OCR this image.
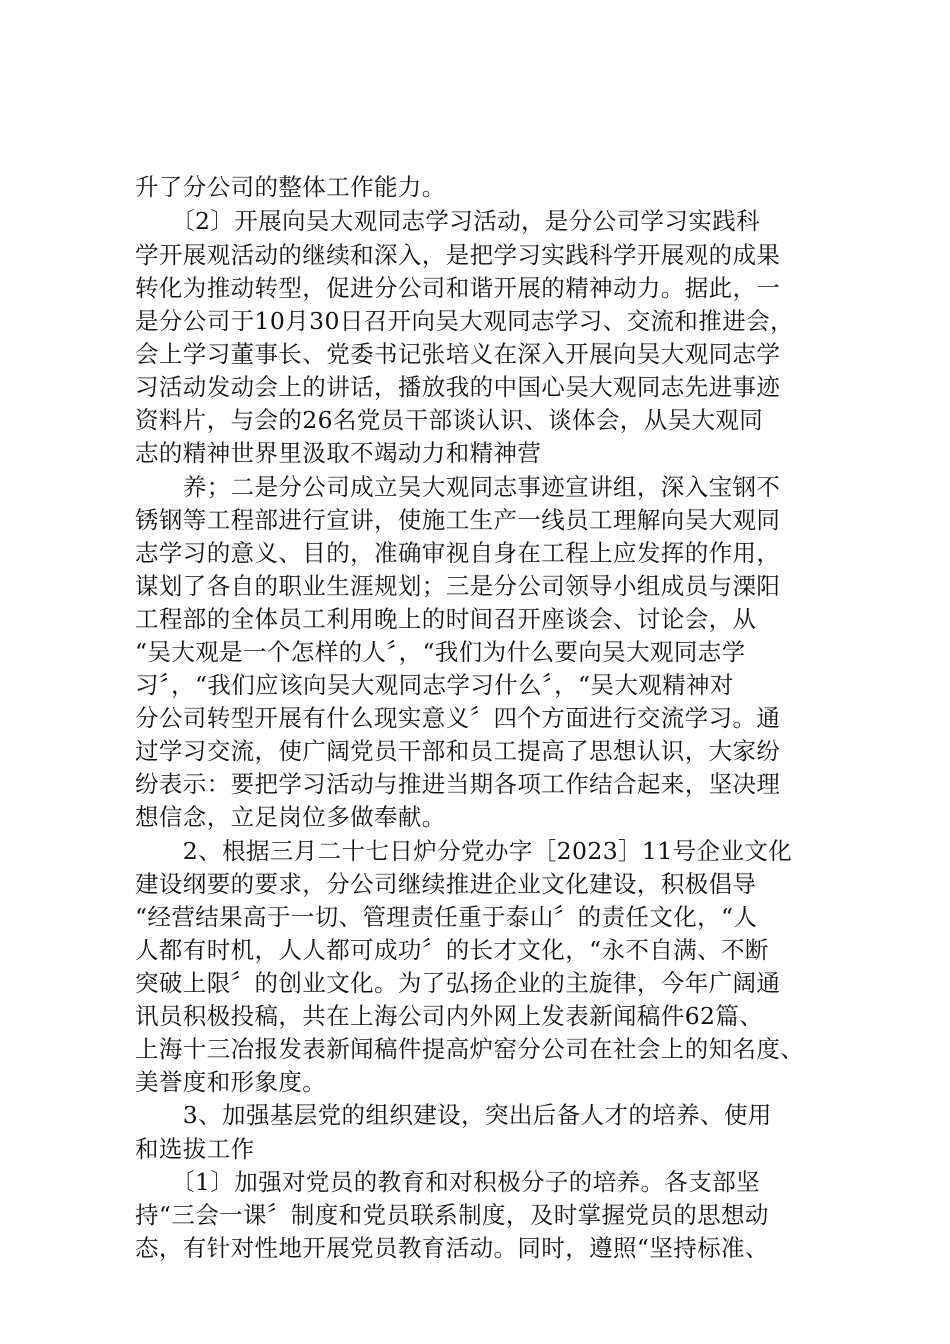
升了分公司的整体工作能力。
　　〔2〕开展向吴大观同志学习活动，是分公司学习实践科
学开展观活动的继续和深入，是把学习实践科学开展观的成果
转化为推动转型，促进分公司和谐开展的精神动力。据此，一
是分公司于10月30日召开向吴大观同志学习、交流和推进会，
会上学习董事长、党委书记张培义在深入开展向吴大观同志学
习活动发动会上的讲话，播放我的中国心吴大观同志先进事迹
资料片，与会的26名党员干部谈认识、谈体会，从吴大观同
志的精神世界里汲取不竭动力和精神营
　　养；二是分公司成立吴大观同志事迹宣讲组，深入宝钢不
锈钢等工程部进行宣讲，使施工生产一线员工理解向吴大观同
志学习的意义、目的，准确审视自身在工程上应发挥的作用，
谋划了各自的职业生涯规划；三是分公司领导小组成员与溧阳
工程部的全体员工利用晚上的时间召开座谈会、讨论会，从
“吴大观是一个怎样的人〞，“我们为什么要向吴大观同志学
习〞，“我们应该向吴大观同志学习什么〞，“吴大观精神对
分公司转型开展有什么现实意义〞四个方面进行交流学习。通
过学习交流，使广阔党员干部和员工提高了思想认识，大家纷
纷表示：要把学习活动与推进当期各项工作结合起来，坚决理
想信念，立足岗位多做奉献。
　　2、根据三月二十七日炉分党办字［2023］11号企业文化
建设纲要的要求，分公司继续推进企业文化建设，积极倡导
“经营结果高于一切、管理责任重于泰山〞的责任文化，“人
人都有时机，人人都可成功〞的长才文化，“永不自满、不断
突破上限〞的创业文化。为了弘扬企业的主旋律，今年广阔通
讯员积极投稿，共在上海公司内外网上发表新闻稿件62篇、
上海十三冶报发表新闻稿件提高炉窑分公司在社会上的知名度、
美誉度和形象度。
　　3、加强基层党的组织建设，突出后备人才的培养、使用
和选拔工作
　　〔1〕加强对党员的教育和对积极分子的培养。各支部坚
持“三会一课〞制度和党员联系制度，及时掌握党员的思想动
态，有针对性地开展党员教育活动。同时，遵照“坚持标准、
